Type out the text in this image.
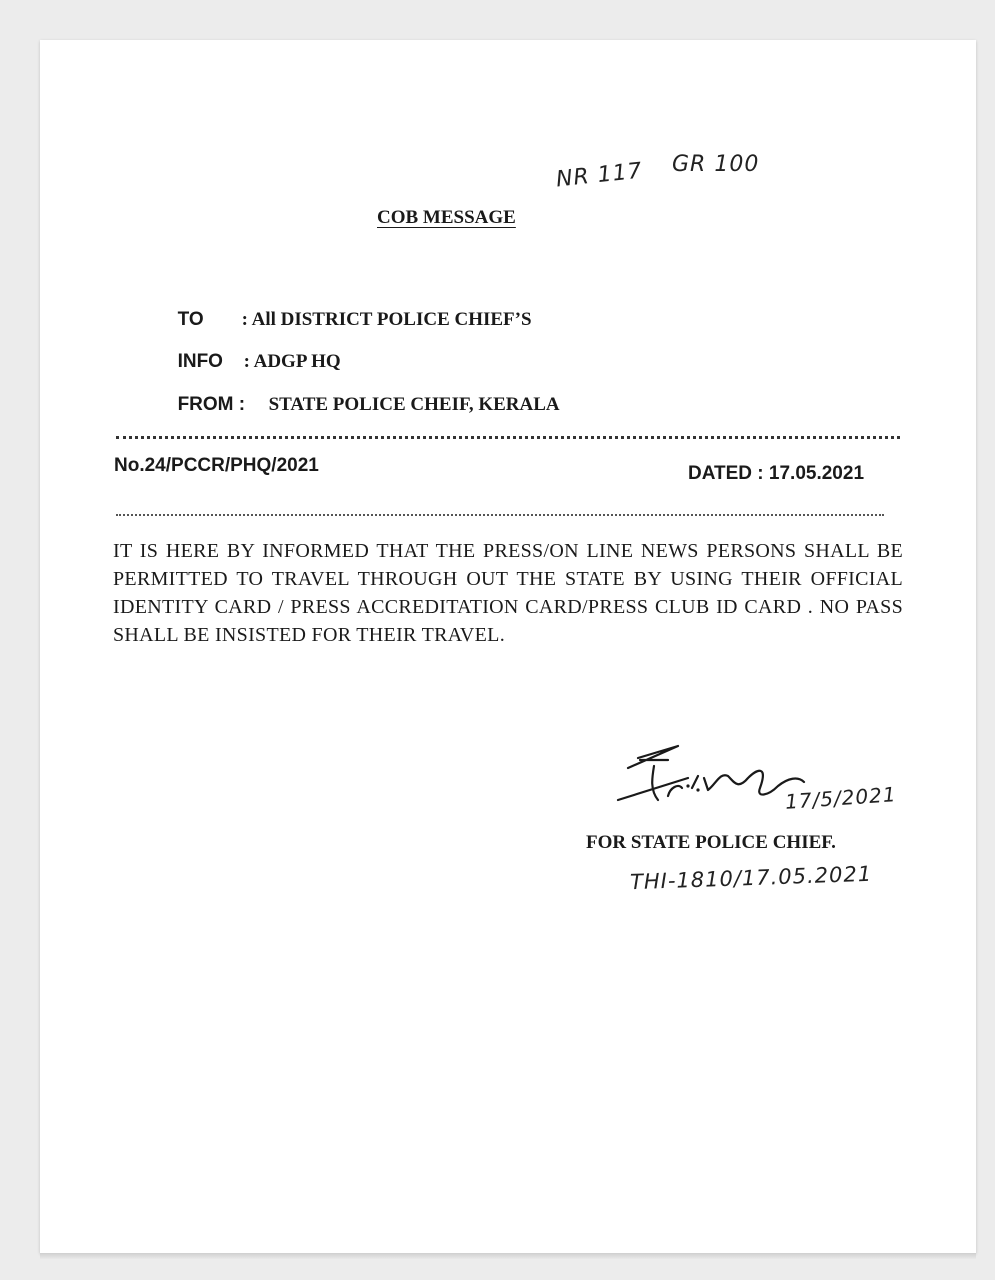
NR 117 GR 100
COB MESSAGE

TO : All DISTRICT POLICE CHIEF’S

INFO : ADGP HQ

FROM : STATE POLICE CHEIF, KERALA

No.24/PCCR/PHQ/2021	DATED : 17.05.2021
IT IS HERE BY INFORMED THAT THE PRESS/ON LINE NEWS PERSONS SHALL BE PERMITTED TO TRAVEL THROUGH OUT THE STATE BY USING THEIR OFFICIAL IDENTITY CARD / PRESS ACCREDITATION CARD/PRESS CLUB ID CARD . NO PASS SHALL BE INSISTED FOR THEIR TRAVEL.
17/5/2021
FOR STATE POLICE CHIEF.
THI-1810/17.05.2021
